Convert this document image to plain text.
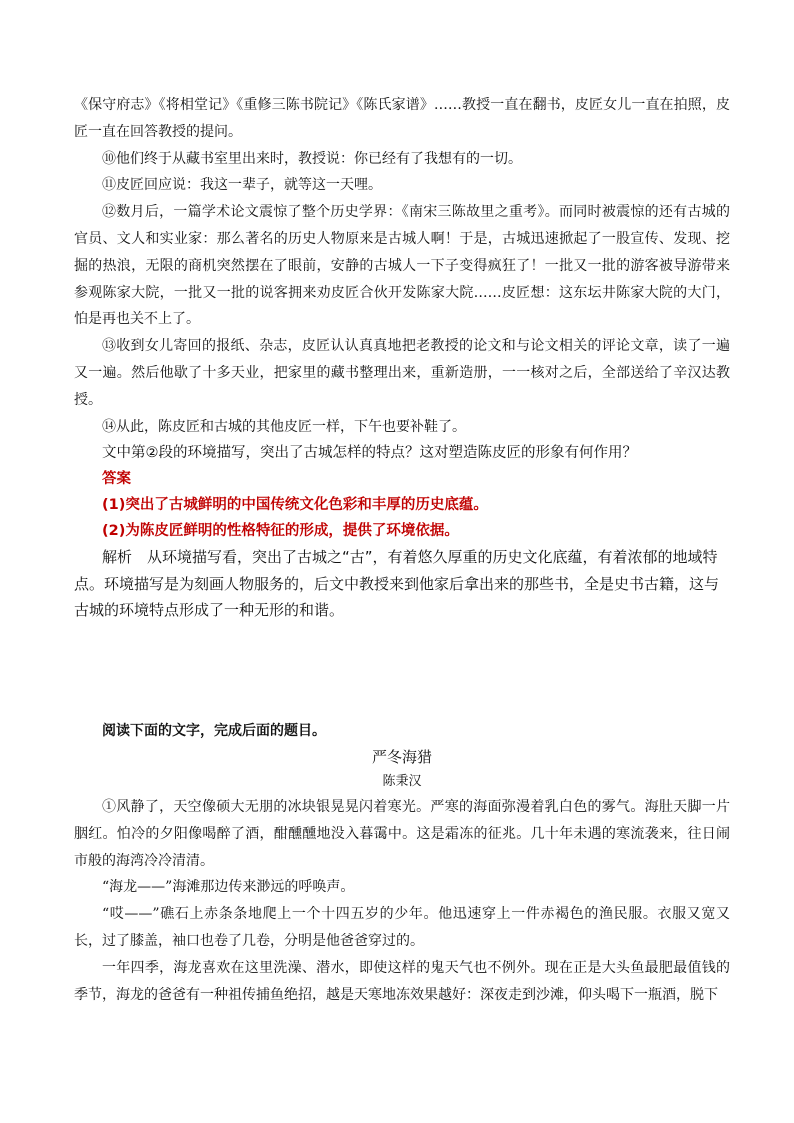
《保守府志》《将相堂记》《重修三陈书院记》《陈氏家谱》……教授一直在翻书，皮匠女儿一直在拍照，皮匠一直在回答教授的提问。

⑩他们终于从藏书室里出来时，教授说：你已经有了我想有的一切。

⑪皮匠回应说：我这一辈子，就等这一天哩。

⑫数月后，一篇学术论文震惊了整个历史学界：《南宋三陈故里之重考》。而同时被震惊的还有古城的官员、文人和实业家：那么著名的历史人物原来是古城人啊！于是，古城迅速掀起了一股宣传、发现、挖掘的热浪，无限的商机突然摆在了眼前，安静的古城人一下子变得疯狂了！一批又一批的游客被导游带来参观陈家大院，一批又一批的说客拥来劝皮匠合伙开发陈家大院……皮匠想：这东坛井陈家大院的大门，怕是再也关不上了。

⑬收到女儿寄回的报纸、杂志，皮匠认认真真地把老教授的论文和与论文相关的评论文章，读了一遍又一遍。然后他歇了十多天业，把家里的藏书整理出来，重新造册，一一核对之后，全部送给了辛汉达教授。

⑭从此，陈皮匠和古城的其他皮匠一样，下午也要补鞋了。

文中第②段的环境描写，突出了古城怎样的特点？这对塑造陈皮匠的形象有何作用？

答案

(1)突出了古城鲜明的中国传统文化色彩和丰厚的历史底蕴。

(2)为陈皮匠鲜明的性格特征的形成，提供了环境依据。

解析　从环境描写看，突出了古城之“古”，有着悠久厚重的历史文化底蕴，有着浓郁的地域特点。环境描写是为刻画人物服务的，后文中教授来到他家后拿出来的那些书，全是史书古籍，这与古城的环境特点形成了一种无形的和谐。

阅读下面的文字，完成后面的题目。

严冬海猎

陈秉汉

①风静了，天空像硕大无朋的冰块银晃晃闪着寒光。严寒的海面弥漫着乳白色的雾气。海肚天脚一片胭红。怕冷的夕阳像喝醉了酒，酣醺醺地没入暮霭中。这是霜冻的征兆。几十年未遇的寒流袭来，往日闹市般的海湾冷冷清清。

“海龙——”海滩那边传来渺远的呼唤声。

“哎——”礁石上赤条条地爬上一个十四五岁的少年。他迅速穿上一件赤褐色的渔民服。衣服又宽又长，过了膝盖，袖口也卷了几卷，分明是他爸爸穿过的。

一年四季，海龙喜欢在这里洗澡、潜水，即使这样的鬼天气也不例外。现在正是大头鱼最肥最值钱的季节，海龙的爸爸有一种祖传捕鱼绝招，越是天寒地冻效果越好：深夜走到沙滩，仰头喝下一瓶酒，脱下
